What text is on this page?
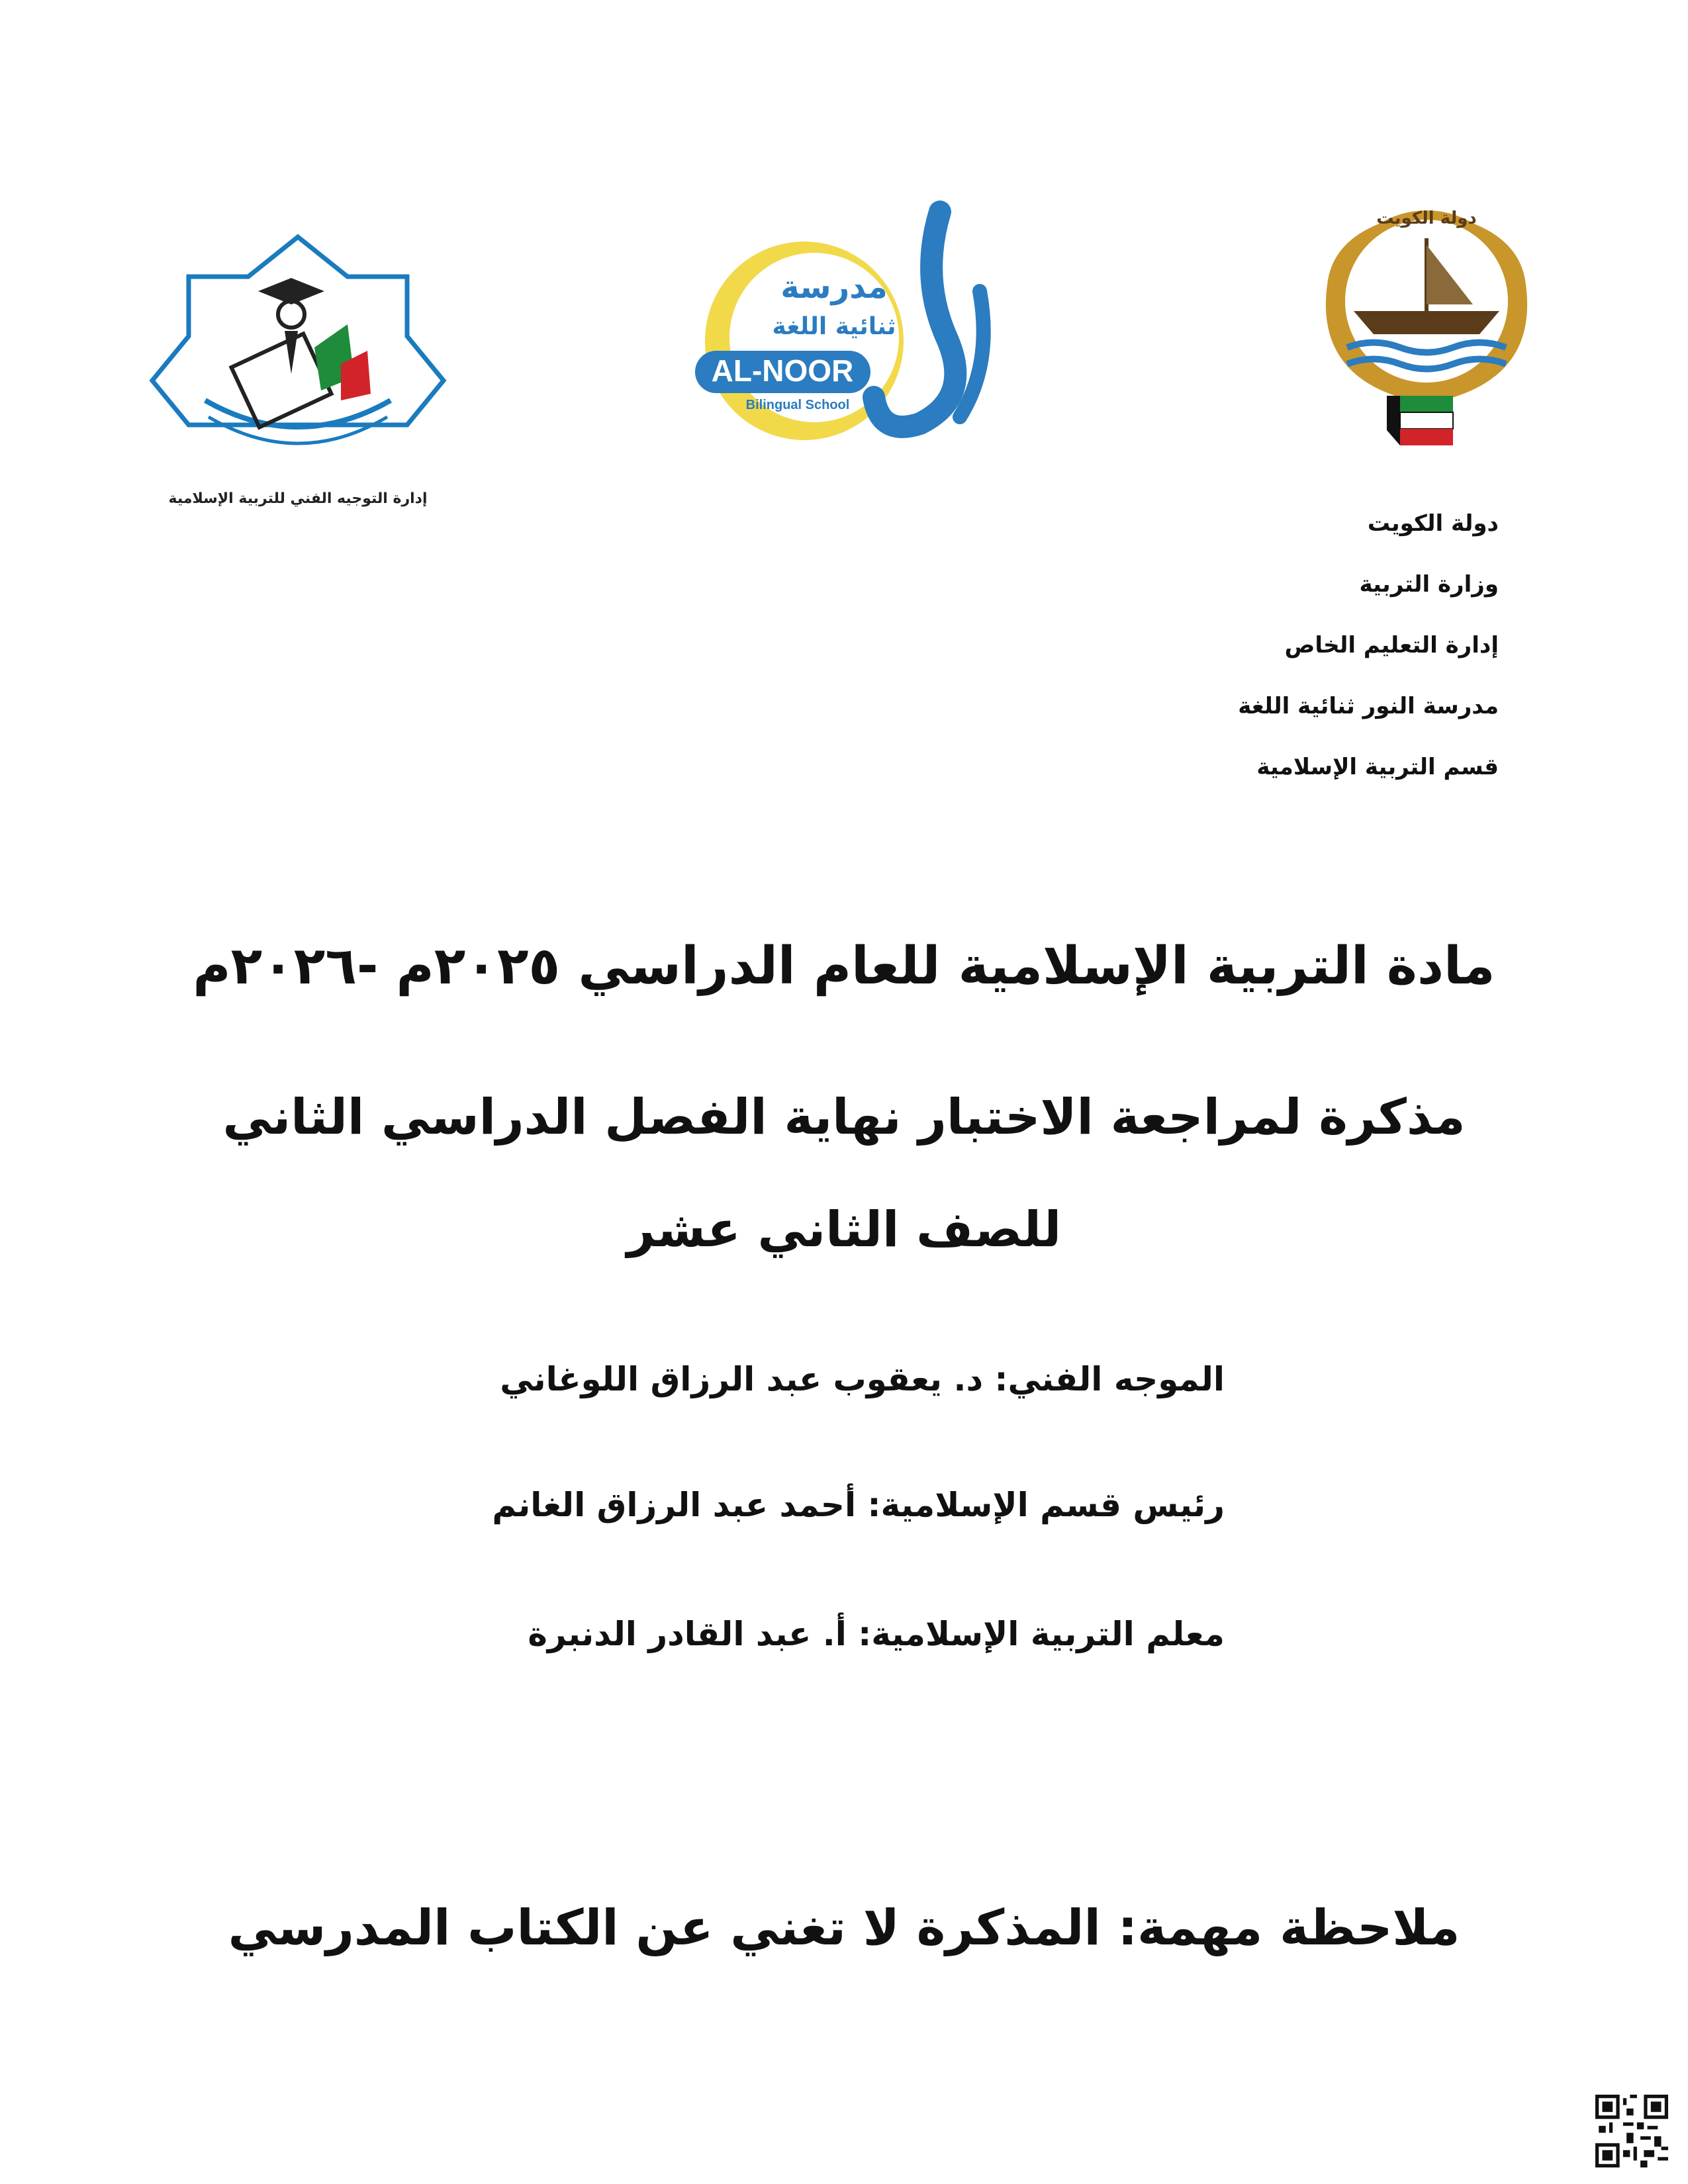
إدارة التوجيه الفني للتربية الإسلامية
مدرسة
ثنائية اللغة
AL-NOOR
Bilingual School
دولة الكويت
دولة الكويت
وزارة التربية
إدارة التعليم الخاص
مدرسة النور ثنائية اللغة
قسم التربية الإسلامية
مادة التربية الإسلامية للعام الدراسي ٢٠٢٥م -٢٠٢٦م
مذكرة لمراجعة الاختبار نهاية الفصل الدراسي الثاني
للصف الثاني عشر
الموجه الفني: د. يعقوب عبد الرزاق اللوغاني
رئيس قسم الإسلامية: أحمد عبد الرزاق الغانم
معلم التربية الإسلامية: أ. عبد القادر الدنبرة
ملاحظة مهمة: المذكرة لا تغني عن الكتاب المدرسي
